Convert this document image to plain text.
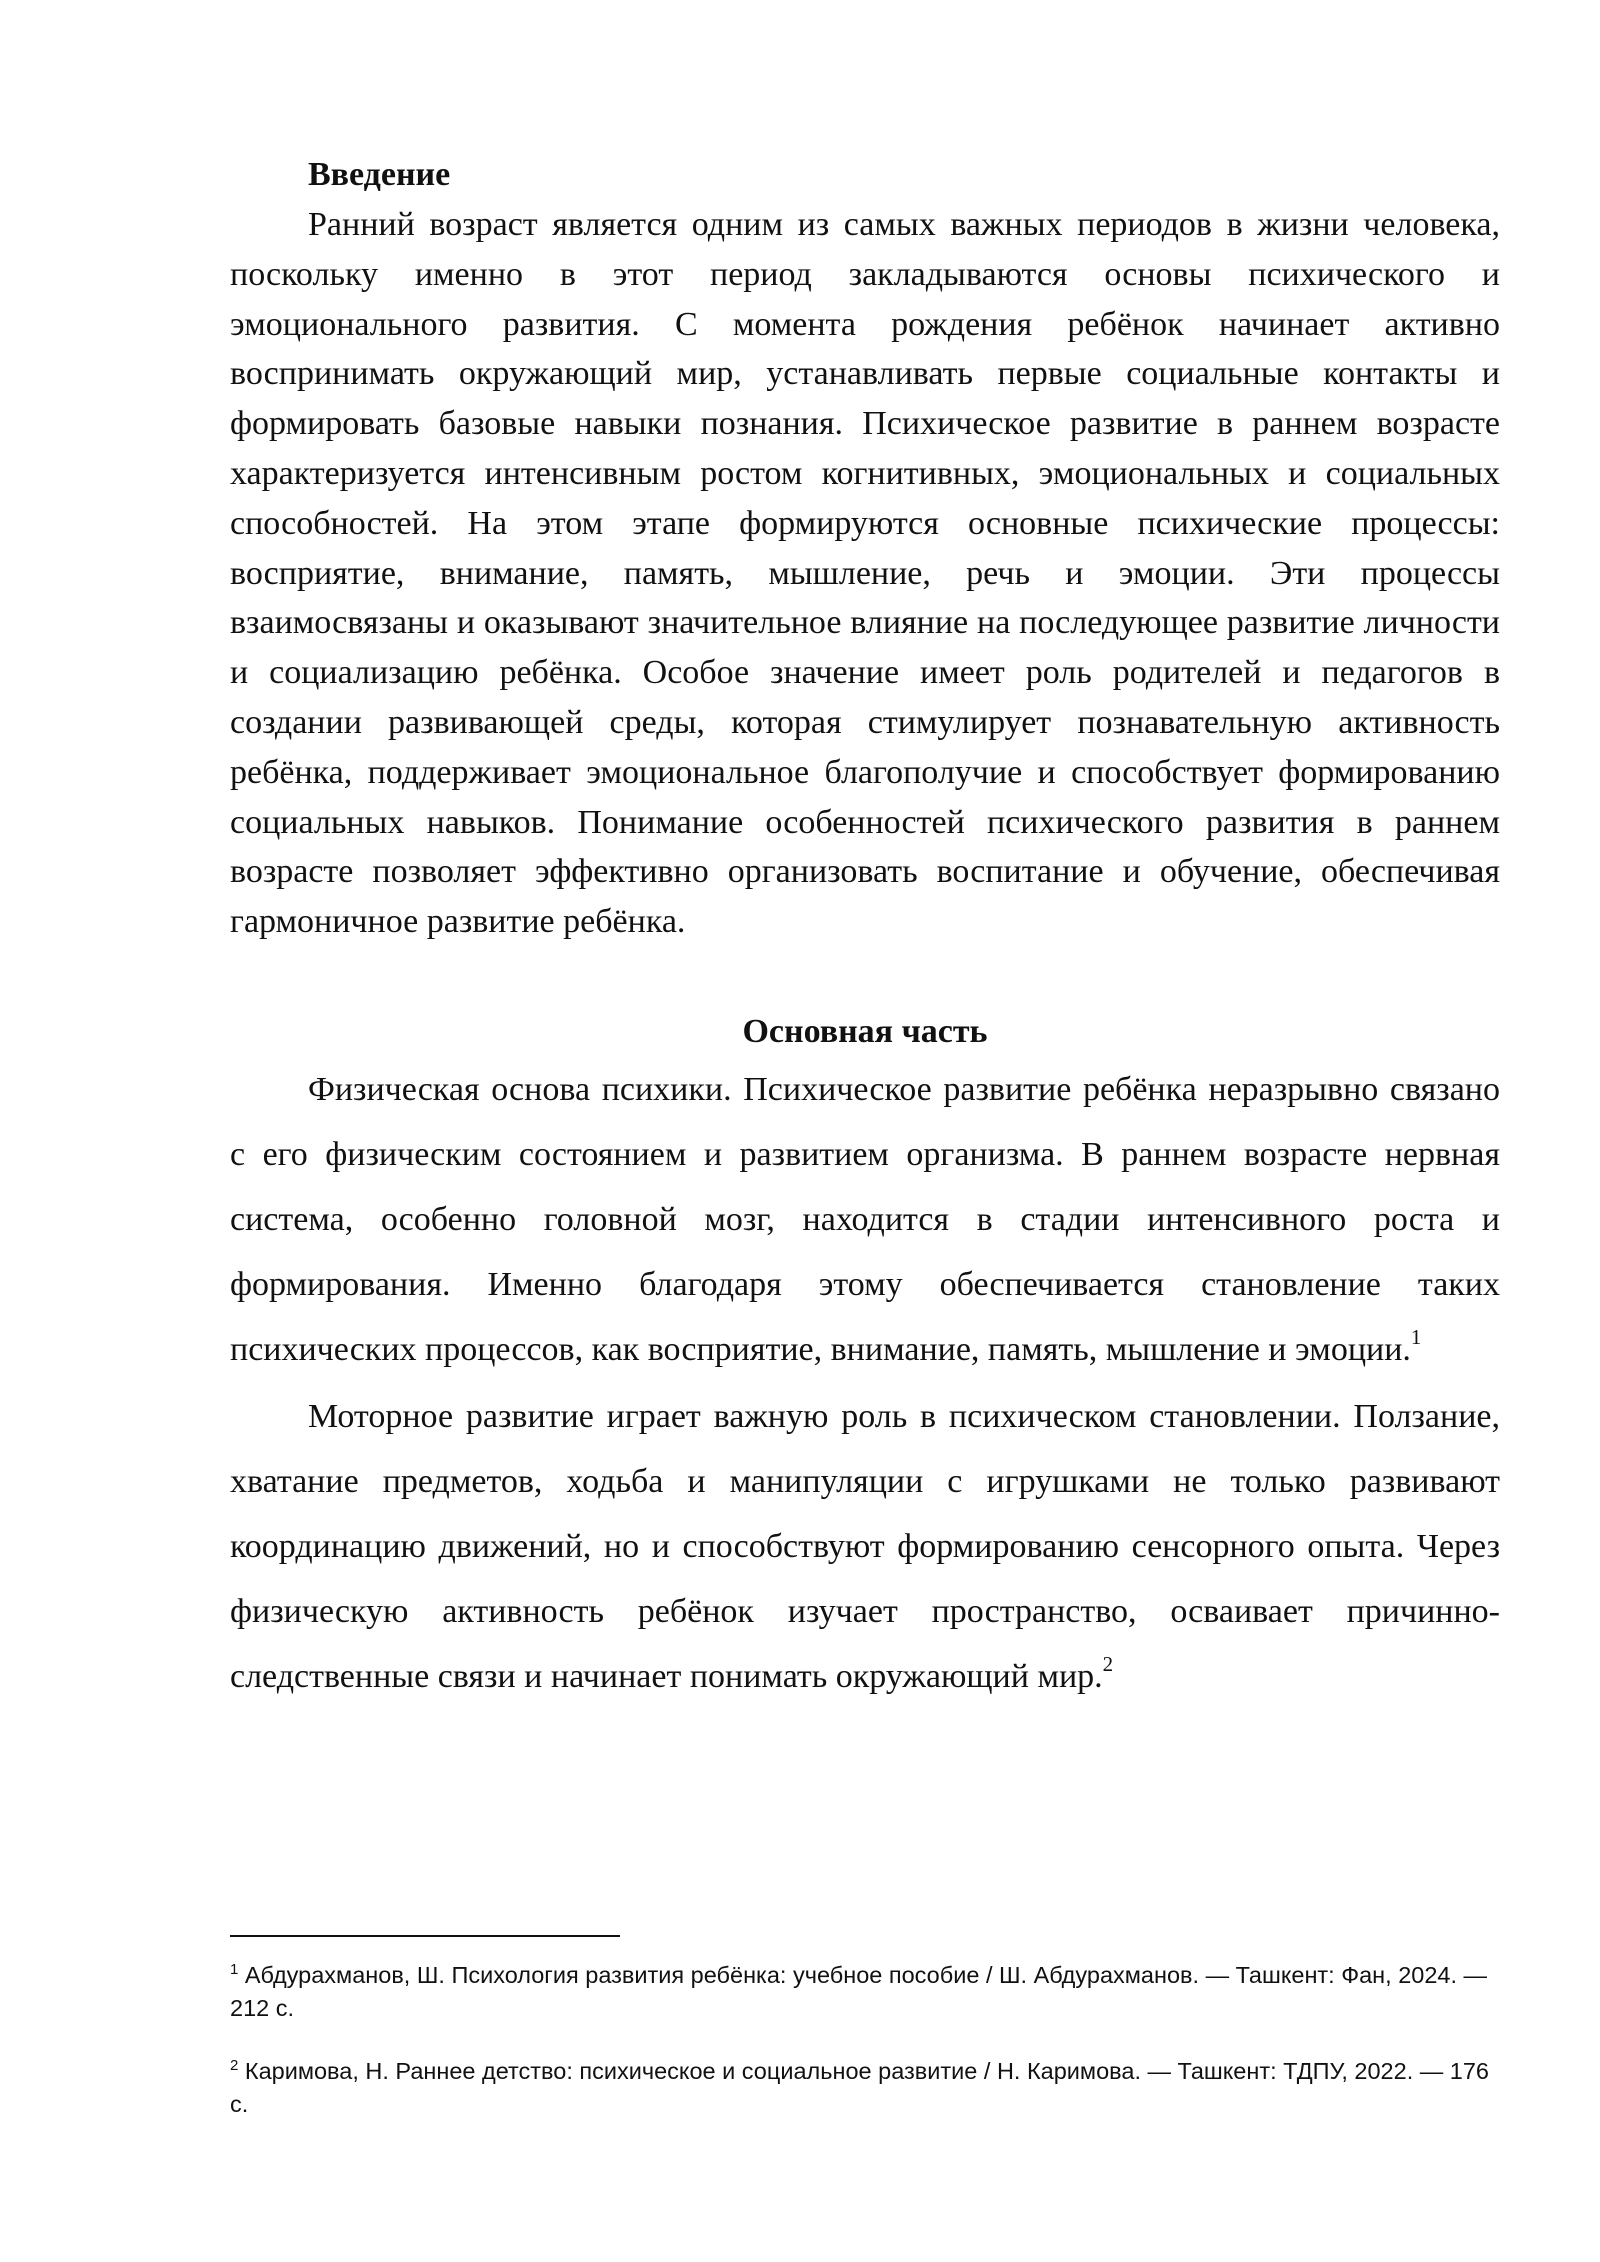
Введение

Ранний возраст является одним из самых важных периодов в жизни человека, поскольку именно в этот период закладываются основы психического и эмоционального развития. С момента рождения ребёнок начинает активно воспринимать окружающий мир, устанавливать первые социальные контакты и формировать базовые навыки познания. Психическое развитие в раннем возрасте характеризуется интенсивным ростом когнитивных, эмоциональных и социальных способностей. На этом этапе формируются основные психические процессы: восприятие, внимание, память, мышление, речь и эмоции. Эти процессы взаимосвязаны и оказывают значительное влияние на последующее развитие личности и социализацию ребёнка. Особое значение имеет роль родителей и педагогов в создании развивающей среды, которая стимулирует познавательную активность ребёнка, поддерживает эмоциональное благополучие и способствует формированию социальных навыков. Понимание особенностей психического развития в раннем возрасте позволяет эффективно организовать воспитание и обучение, обеспечивая гармоничное развитие ребёнка.

Основная часть

Физическая основа психики. Психическое развитие ребёнка неразрывно связано с его физическим состоянием и развитием организма. В раннем возрасте нервная система, особенно головной мозг, находится в стадии интенсивного роста и формирования. Именно благодаря этому обеспечивается становление таких психических процессов, как восприятие, внимание, память, мышление и эмоции.$^1$

Моторное развитие играет важную роль в психическом становлении. Ползание, хватание предметов, ходьба и манипуляции с игрушками не только развивают координацию движений, но и способствуют формированию сенсорного опыта. Через физическую активность ребёнок изучает пространство, осваивает причинно-следственные связи и начинает понимать окружающий мир.$^2$

$^1$ Абдурахманов, Ш. Психология развития ребёнка: учебное пособие / Ш. Абдурахманов. — Ташкент: Фан, 2024. — 212 с.

$^2$ Каримова, Н. Раннее детство: психическое и социальное развитие / Н. Каримова. — Ташкент: ТДПУ, 2022. — 176 с.
